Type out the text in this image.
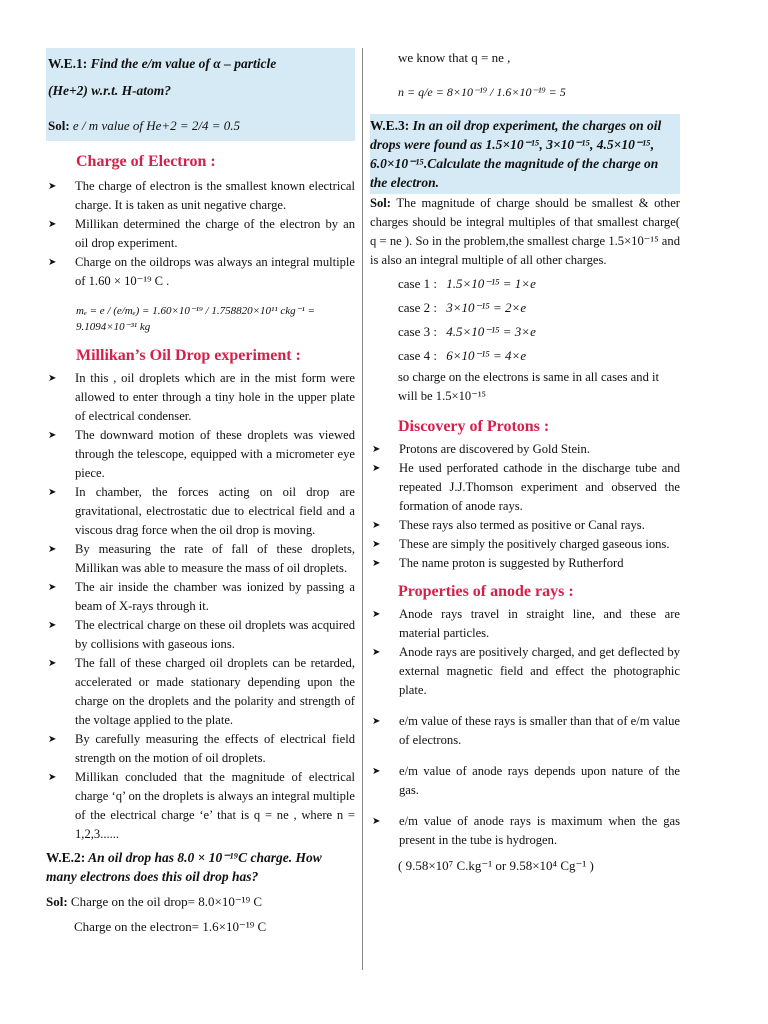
W.E.1: Find the e/m value of α – particle
(He+2) w.r.t. H-atom?
Sol: e / m value of He+2 = 2/4 = 0.5
Charge of Electron :
➤ The charge of electron is the smallest known electrical charge. It is taken as unit negative charge.
➤ Millikan determined the charge of the electron by an oil drop experiment.
➤ Charge on the oildrops was always an integral multiple of 1.60 × 10⁻¹⁹ C .
mₑ = e / (e/mₑ) = 1.60×10⁻¹⁹ / 1.758820×10¹¹ ckg⁻¹ = 9.1094×10⁻³¹ kg
Millikan’s Oil Drop experiment :
➤ In this , oil droplets which are in the mist form were allowed to enter through a tiny hole in the upper plate of electrical condenser.
➤ The downward motion of these droplets was viewed through the telescope, equipped with a micrometer eye piece.
➤ In chamber, the forces acting on oil drop are gravitational, electrostatic due to electrical field and a viscous drag force when the oil drop is moving.
➤ By measuring the rate of fall of these droplets, Millikan was able to measure the mass of oil droplets.
➤ The air inside the chamber was ionized by passing a beam of X-rays through it.
➤ The electrical charge on these oil droplets was acquired by collisions with gaseous ions.
➤ The fall of these charged oil droplets can be retarded, accelerated or made stationary depending upon the charge on the droplets and the polarity and strength of the voltage applied to the plate.
➤ By carefully measuring the effects of electrical field strength on the motion of oil droplets.
➤ Millikan concluded that the magnitude of electrical charge ‘q’ on the droplets is always an integral multiple of the electrical charge ‘e’ that is q = ne , where n = 1,2,3......
W.E.2: An oil drop has 8.0 × 10⁻¹⁹C charge. How many electrons does this oil drop has?
Sol: Charge on the oil drop= 8.0×10⁻¹⁹ C
Charge on the electron= 1.6×10⁻¹⁹ C
we know that q = ne ,
n = q/e = 8×10⁻¹⁹ / 1.6×10⁻¹⁹ = 5
W.E.3: In an oil drop experiment, the charges on oil drops were found as 1.5×10⁻¹⁵, 3×10⁻¹⁵, 4.5×10⁻¹⁵, 6.0×10⁻¹⁵.Calculate the magnitude of the charge on the electron.
Sol: The magnitude of charge should be smallest & other charges should be integral multiples of that smallest charge( q = ne ). So in the problem,the smallest charge 1.5×10⁻¹⁵ and is also an integral multiple of all other charges.
case 1 : 1.5×10⁻¹⁵ = 1×e
case 2 : 3×10⁻¹⁵ = 2×e
case 3 : 4.5×10⁻¹⁵ = 3×e
case 4 : 6×10⁻¹⁵ = 4×e
so charge on the electrons is same in all cases and it will be 1.5×10⁻¹⁵
Discovery of Protons :
➤ Protons are discovered by Gold Stein.
➤ He used perforated cathode in the discharge tube and repeated J.J.Thomson experiment and observed the formation of anode rays.
➤ These rays also termed as positive or Canal rays.
➤ These are simply the positively charged gaseous ions.
➤ The name proton is suggested by Rutherford
Properties of anode rays :
➤ Anode rays travel in straight line, and these are material particles.
➤ Anode rays are positively charged, and get deflected by external magnetic field and effect the photographic plate.
➤ e/m value of these rays is smaller than that of e/m value of electrons.
➤ e/m value of anode rays depends upon nature of the gas.
➤ e/m value of anode rays is maximum when the gas present in the tube is hydrogen.
( 9.58×10⁷ C.kg⁻¹ or 9.58×10⁴ Cg⁻¹ )
